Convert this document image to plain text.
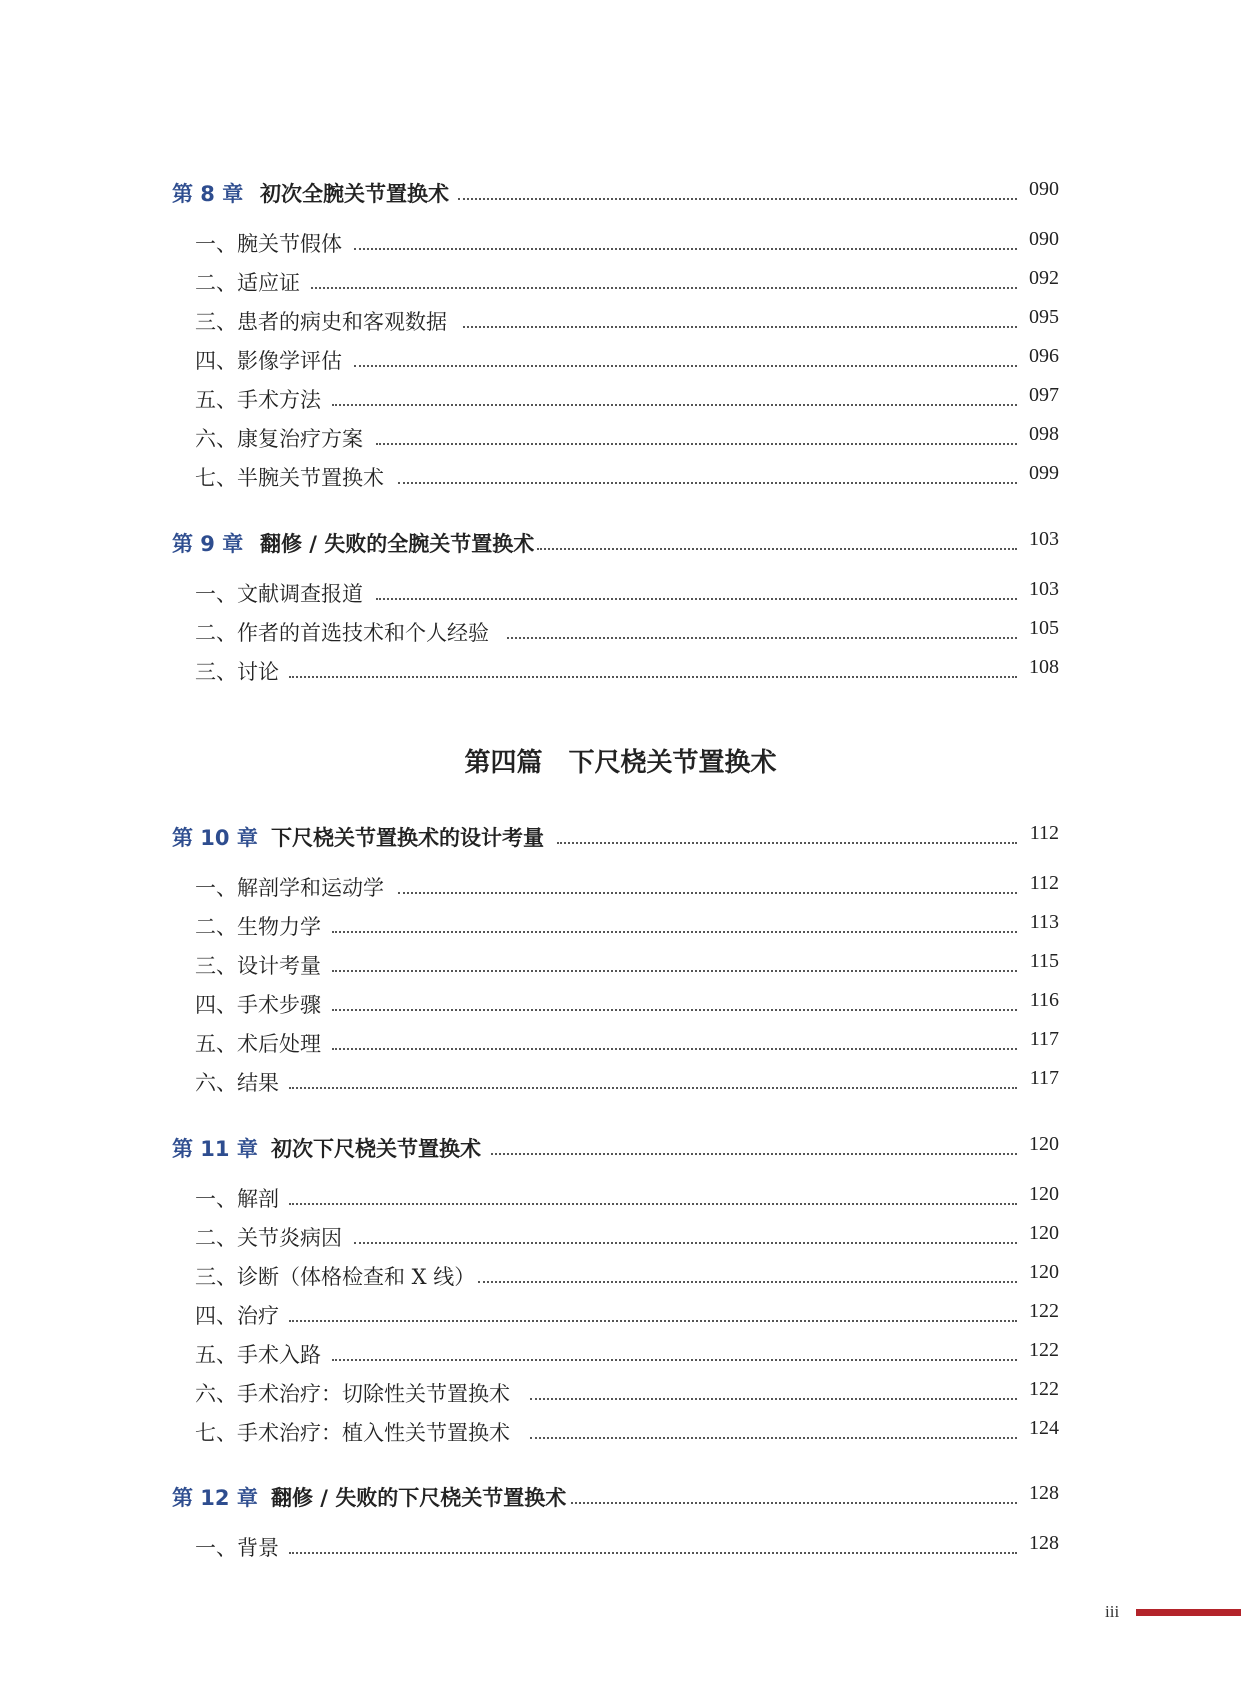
第 8 章 初次全腕关节置换术	090
一、腕关节假体	090
二、适应证	092
三、患者的病史和客观数据	095
四、影像学评估	096
五、手术方法	097
六、康复治疗方案	098
七、半腕关节置换术	099
第 9 章 翻修 / 失败的全腕关节置换术	103
一、文献调查报道	103
二、作者的首选技术和个人经验	105
三、讨论	108
第四篇　下尺桡关节置换术
第 10 章 下尺桡关节置换术的设计考量	112
一、解剖学和运动学	112
二、生物力学	113
三、设计考量	115
四、手术步骤	116
五、术后处理	117
六、结果	117
第 11 章 初次下尺桡关节置换术	120
一、解剖	120
二、关节炎病因	120
三、诊断（体格检查和 X 线）	120
四、治疗	122
五、手术入路	122
六、手术治疗：切除性关节置换术	122
七、手术治疗：植入性关节置换术	124
第 12 章 翻修 / 失败的下尺桡关节置换术	128
一、背景	128
iii
